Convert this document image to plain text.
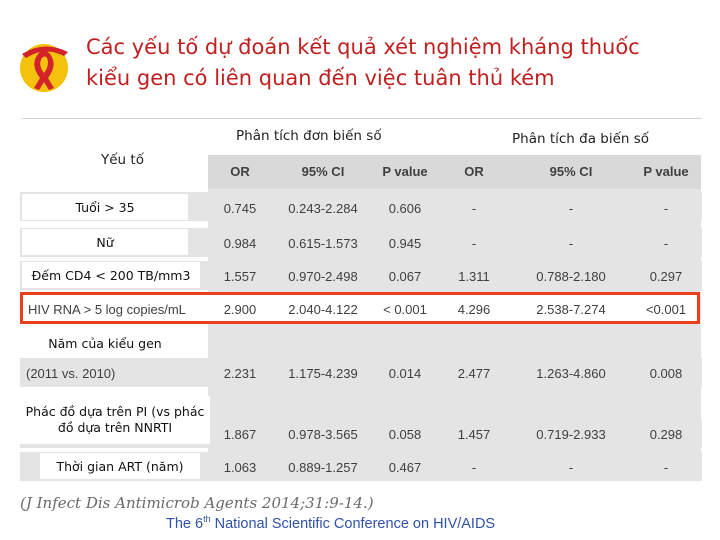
Các yếu tố dự đoán kết quả xét nghiệm kháng thuốc
kiểu gen có liên quan đến việc tuân thủ kém
Phân tích đơn biến số	Phân tích đa biến số
Yếu tố
OR	95% CI	P value	OR	95% CI	P value
Tuổi > 35	0.745	0.243-2.284	0.606	-	-	-
Nữ	0.984	0.615-1.573	0.945	-	-	-
Đếm CD4 < 200 TB/mm3	1.557	0.970-2.498	0.067	1.311	0.788-2.180	0.297
HIV RNA > 5 log copies/mL	2.900	2.040-4.122	< 0.001	4.296	2.538-7.274	<0.001
Năm của kiểu gen
(2011 vs. 2010)	2.231	1.175-4.239	0.014	2.477	1.263-4.860	0.008
Phác đồ dựa trên PI (vs phác đồ dựa trên NNRTI	1.867	0.978-3.565	0.058	1.457	0.719-2.933	0.298
Thời gian ART (năm)	1.063	0.889-1.257	0.467	-	-	-
(J Infect Dis Antimicrob Agents 2014;31:9-14.)
The 6th National Scientific Conference on HIV/AIDS
